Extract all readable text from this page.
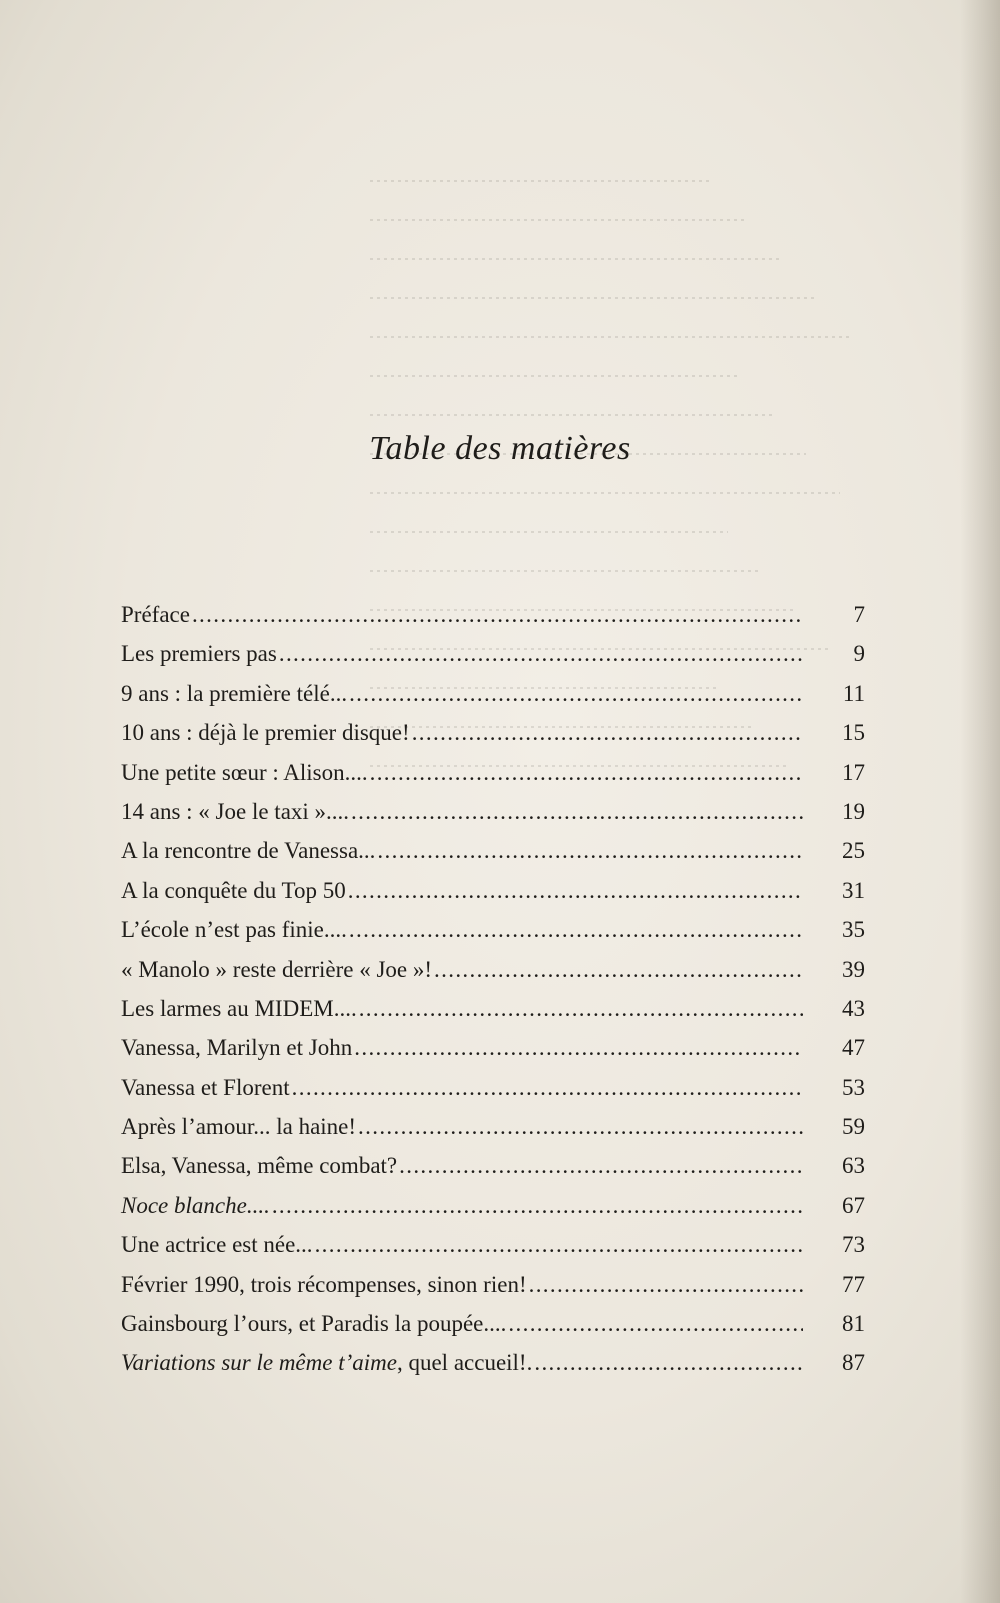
Table des matières
Préface . . .	7
Les premiers pas . . .	9
9 ans : la première télé... . . .	11
10 ans : déjà le premier disque! . . .	15
Une petite sœur : Alison.... . . .	17
14 ans : « Joe le taxi ».... . . .	19
A la rencontre de Vanessa... . . .	25
A la conquête du Top 50 . . .	31
L’école n’est pas finie.... . . .	35
« Manolo » reste derrière « Joe »! . . .	39
Les larmes au MIDEM.... . . .	43
Vanessa, Marilyn et John . . .	47
Vanessa et Florent . . .	53
Après l’amour... la haine! . . .	59
Elsa, Vanessa, même combat? . . .	63
Noce blanche.... . . .	67
Une actrice est née... . . .	73
Février 1990, trois récompenses, sinon rien! . . .	77
Gainsbourg l’ours, et Paradis la poupée.... . . .	81
Variations sur le même t’aime, quel accueil!. . . .	87
